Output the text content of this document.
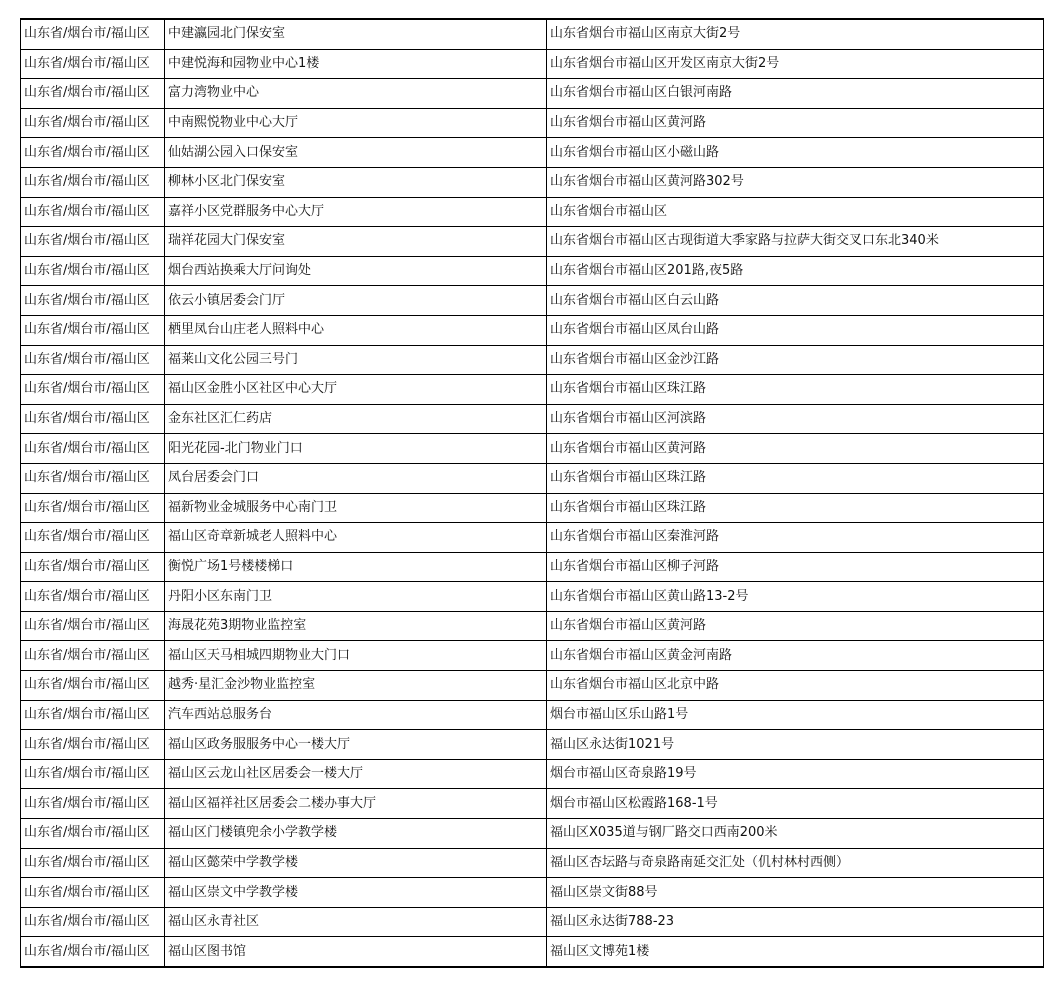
山东省/烟台市/福山区	中建瀛园北门保安室	山东省烟台市福山区南京大街2号
山东省/烟台市/福山区	中建悦海和园物业中心1楼	山东省烟台市福山区开发区南京大街2号
山东省/烟台市/福山区	富力湾物业中心	山东省烟台市福山区白银河南路
山东省/烟台市/福山区	中南熙悦物业中心大厅	山东省烟台市福山区黄河路
山东省/烟台市/福山区	仙姑湖公园入口保安室	山东省烟台市福山区小磁山路
山东省/烟台市/福山区	柳林小区北门保安室	山东省烟台市福山区黄河路302号
山东省/烟台市/福山区	嘉祥小区党群服务中心大厅	山东省烟台市福山区
山东省/烟台市/福山区	瑞祥花园大门保安室	山东省烟台市福山区古现街道大季家路与拉萨大街交叉口东北340米
山东省/烟台市/福山区	烟台西站换乘大厅问询处	山东省烟台市福山区201路,夜5路
山东省/烟台市/福山区	依云小镇居委会门厅	山东省烟台市福山区白云山路
山东省/烟台市/福山区	栖里凤台山庄老人照料中心	山东省烟台市福山区凤台山路
山东省/烟台市/福山区	福莱山文化公园三号门	山东省烟台市福山区金沙江路
山东省/烟台市/福山区	福山区金胜小区社区中心大厅	山东省烟台市福山区珠江路
山东省/烟台市/福山区	金东社区汇仁药店	山东省烟台市福山区河滨路
山东省/烟台市/福山区	阳光花园-北门物业门口	山东省烟台市福山区黄河路
山东省/烟台市/福山区	凤台居委会门口	山东省烟台市福山区珠江路
山东省/烟台市/福山区	福新物业金城服务中心南门卫	山东省烟台市福山区珠江路
山东省/烟台市/福山区	福山区奇章新城老人照料中心	山东省烟台市福山区秦淮河路
山东省/烟台市/福山区	衡悦广场1号楼楼梯口	山东省烟台市福山区柳子河路
山东省/烟台市/福山区	丹阳小区东南门卫	山东省烟台市福山区黄山路13-2号
山东省/烟台市/福山区	海晟花苑3期物业监控室	山东省烟台市福山区黄河路
山东省/烟台市/福山区	福山区天马相城四期物业大门口	山东省烟台市福山区黄金河南路
山东省/烟台市/福山区	越秀·星汇金沙物业监控室	山东省烟台市福山区北京中路
山东省/烟台市/福山区	汽车西站总服务台	烟台市福山区乐山路1号
山东省/烟台市/福山区	福山区政务服服务中心一楼大厅	福山区永达街1021号
山东省/烟台市/福山区	福山区云龙山社区居委会一楼大厅	烟台市福山区奇泉路19号
山东省/烟台市/福山区	福山区福祥社区居委会二楼办事大厅	烟台市福山区松霞路168-1号
山东省/烟台市/福山区	福山区门楼镇兜余小学教学楼	福山区X035道与钢厂路交口西南200米
山东省/烟台市/福山区	福山区懿荣中学教学楼	福山区杏坛路与奇泉路南延交汇处（仉村林村西侧）
山东省/烟台市/福山区	福山区崇文中学教学楼	福山区崇文街88号
山东省/烟台市/福山区	福山区永青社区	福山区永达街788-23
山东省/烟台市/福山区	福山区图书馆	福山区文博苑1楼
